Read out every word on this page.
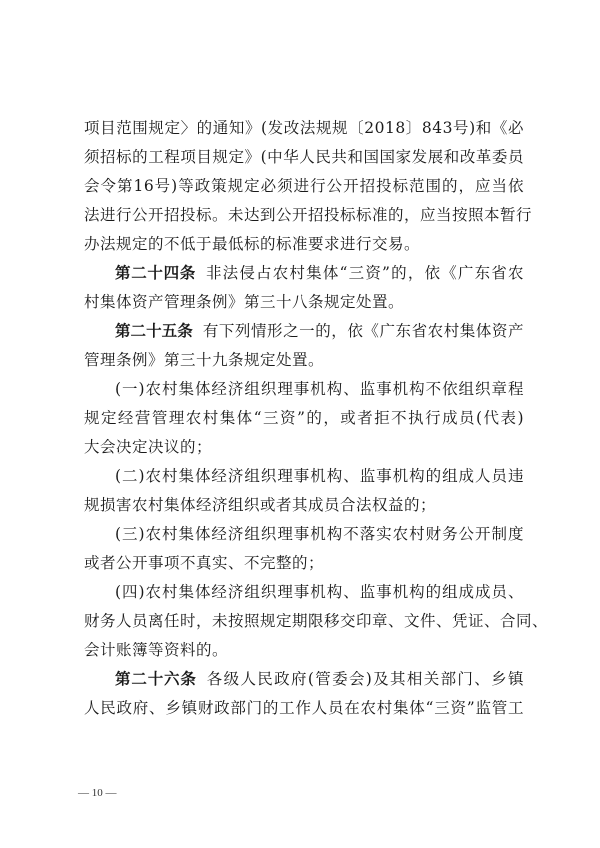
项目范围规定〉的通知》(发改法规规〔2018〕843号)和《必
须招标的工程项目规定》(中华人民共和国国家发展和改革委员
会令第16号)等政策规定必须进行公开招投标范围的，应当依
法进行公开招投标。未达到公开招投标标准的，应当按照本暂行
办法规定的不低于最低标的标准要求进行交易。
第二十四条 非法侵占农村集体“三资”的，依《广东省农
村集体资产管理条例》第三十八条规定处置。
第二十五条 有下列情形之一的，依《广东省农村集体资产
管理条例》第三十九条规定处置。
(一)农村集体经济组织理事机构、监事机构不依组织章程
规定经营管理农村集体“三资”的，或者拒不执行成员(代表)
大会决定决议的；
(二)农村集体经济组织理事机构、监事机构的组成人员违
规损害农村集体经济组织或者其成员合法权益的；
(三)农村集体经济组织理事机构不落实农村财务公开制度
或者公开事项不真实、不完整的；
(四)农村集体经济组织理事机构、监事机构的组成成员、
财务人员离任时，未按照规定期限移交印章、文件、凭证、合同、
会计账簿等资料的。
第二十六条 各级人民政府(管委会)及其相关部门、乡镇
人民政府、乡镇财政部门的工作人员在农村集体“三资”监管工
— 10 —
